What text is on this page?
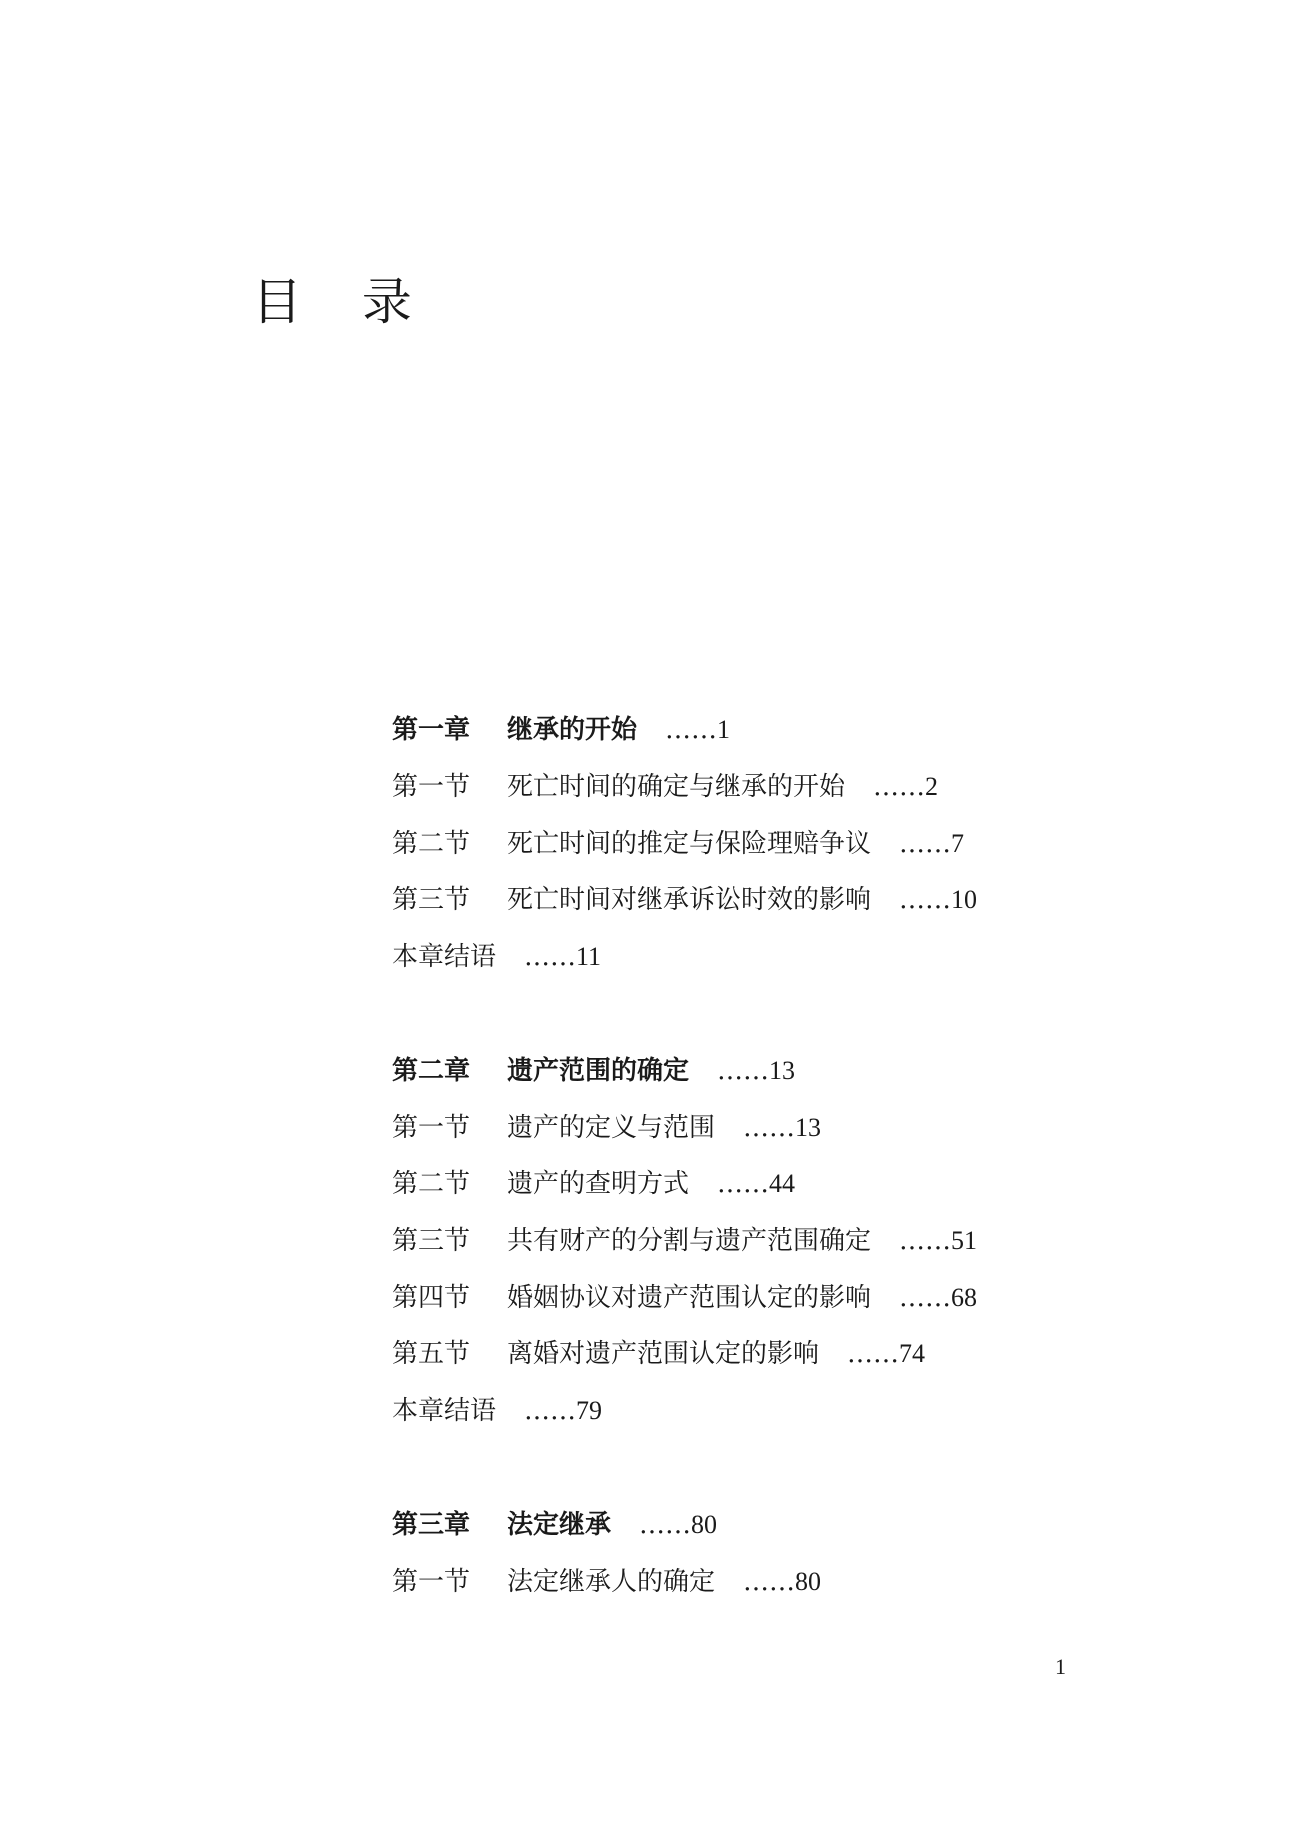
目 录
第一章 继承的开始 ……1
第一节 死亡时间的确定与继承的开始 ……2
第二节 死亡时间的推定与保险理赔争议 ……7
第三节 死亡时间对继承诉讼时效的影响 ……10
本章结语 ……11
第二章 遗产范围的确定 ……13
第一节 遗产的定义与范围 ……13
第二节 遗产的查明方式 ……44
第三节 共有财产的分割与遗产范围确定 ……51
第四节 婚姻协议对遗产范围认定的影响 ……68
第五节 离婚对遗产范围认定的影响 ……74
本章结语 ……79
第三章 法定继承 ……80
第一节 法定继承人的确定 ……80
1
